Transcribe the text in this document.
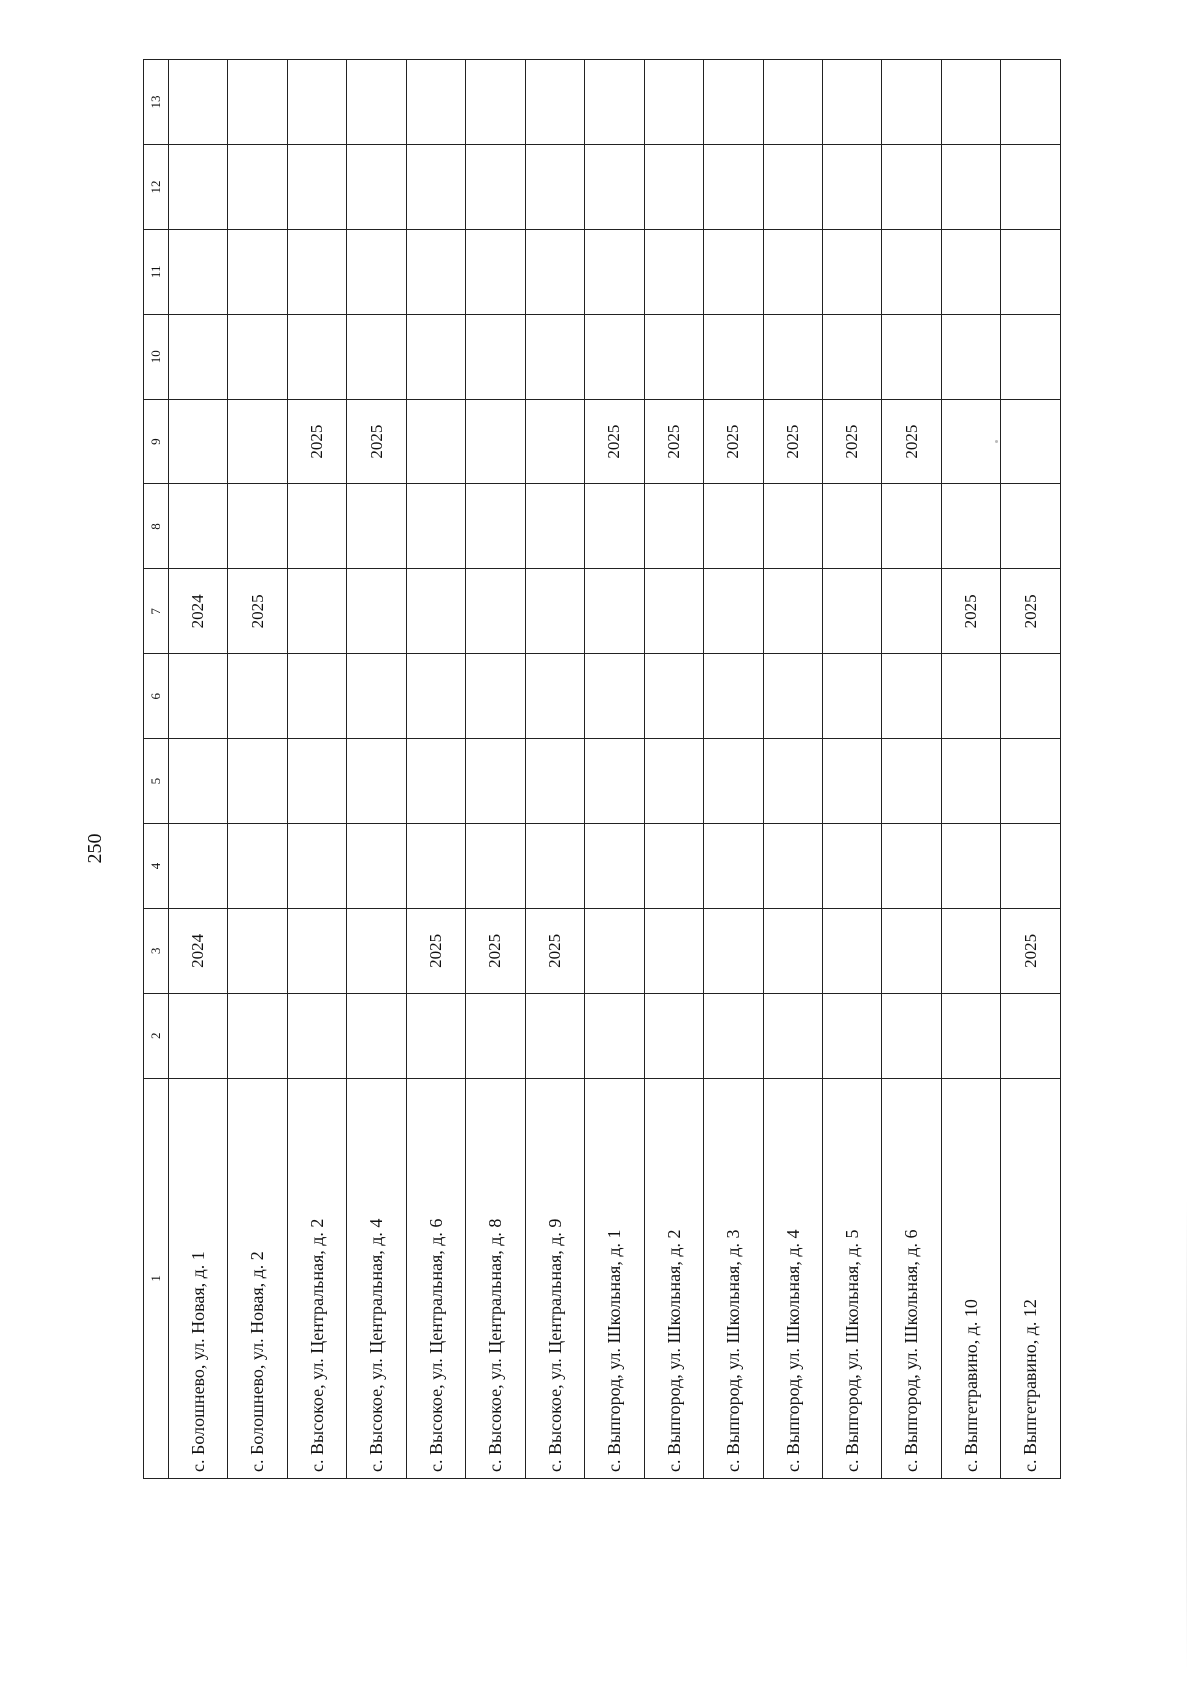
250
1	2	3	4	5	6	7	8	9	10	11	12	13
с. Болошнево, ул. Новая, д. 1		2024				2024						
с. Болошнево, ул. Новая, д. 2						2025						
с. Высокое, ул. Центральная, д. 2								2025				
с. Высокое, ул. Центральная, д. 4								2025				
с. Высокое, ул. Центральная, д. 6		2025										
с. Высокое, ул. Центральная, д. 8		2025										
с. Высокое, ул. Центральная, д. 9		2025										
с. Выпгород, ул. Школьная, д. 1								2025				
с. Выпгород, ул. Школьная, д. 2								2025				
с. Выпгород, ул. Школьная, д. 3								2025				
с. Выпгород, ул. Школьная, д. 4								2025				
с. Выпгород, ул. Школьная, д. 5								2025				
с. Выпгород, ул. Школьная, д. 6								2025				
с. Выпгетравино, д. 10						2025						
с. Выпгетравино, д. 12		2025				2025						
